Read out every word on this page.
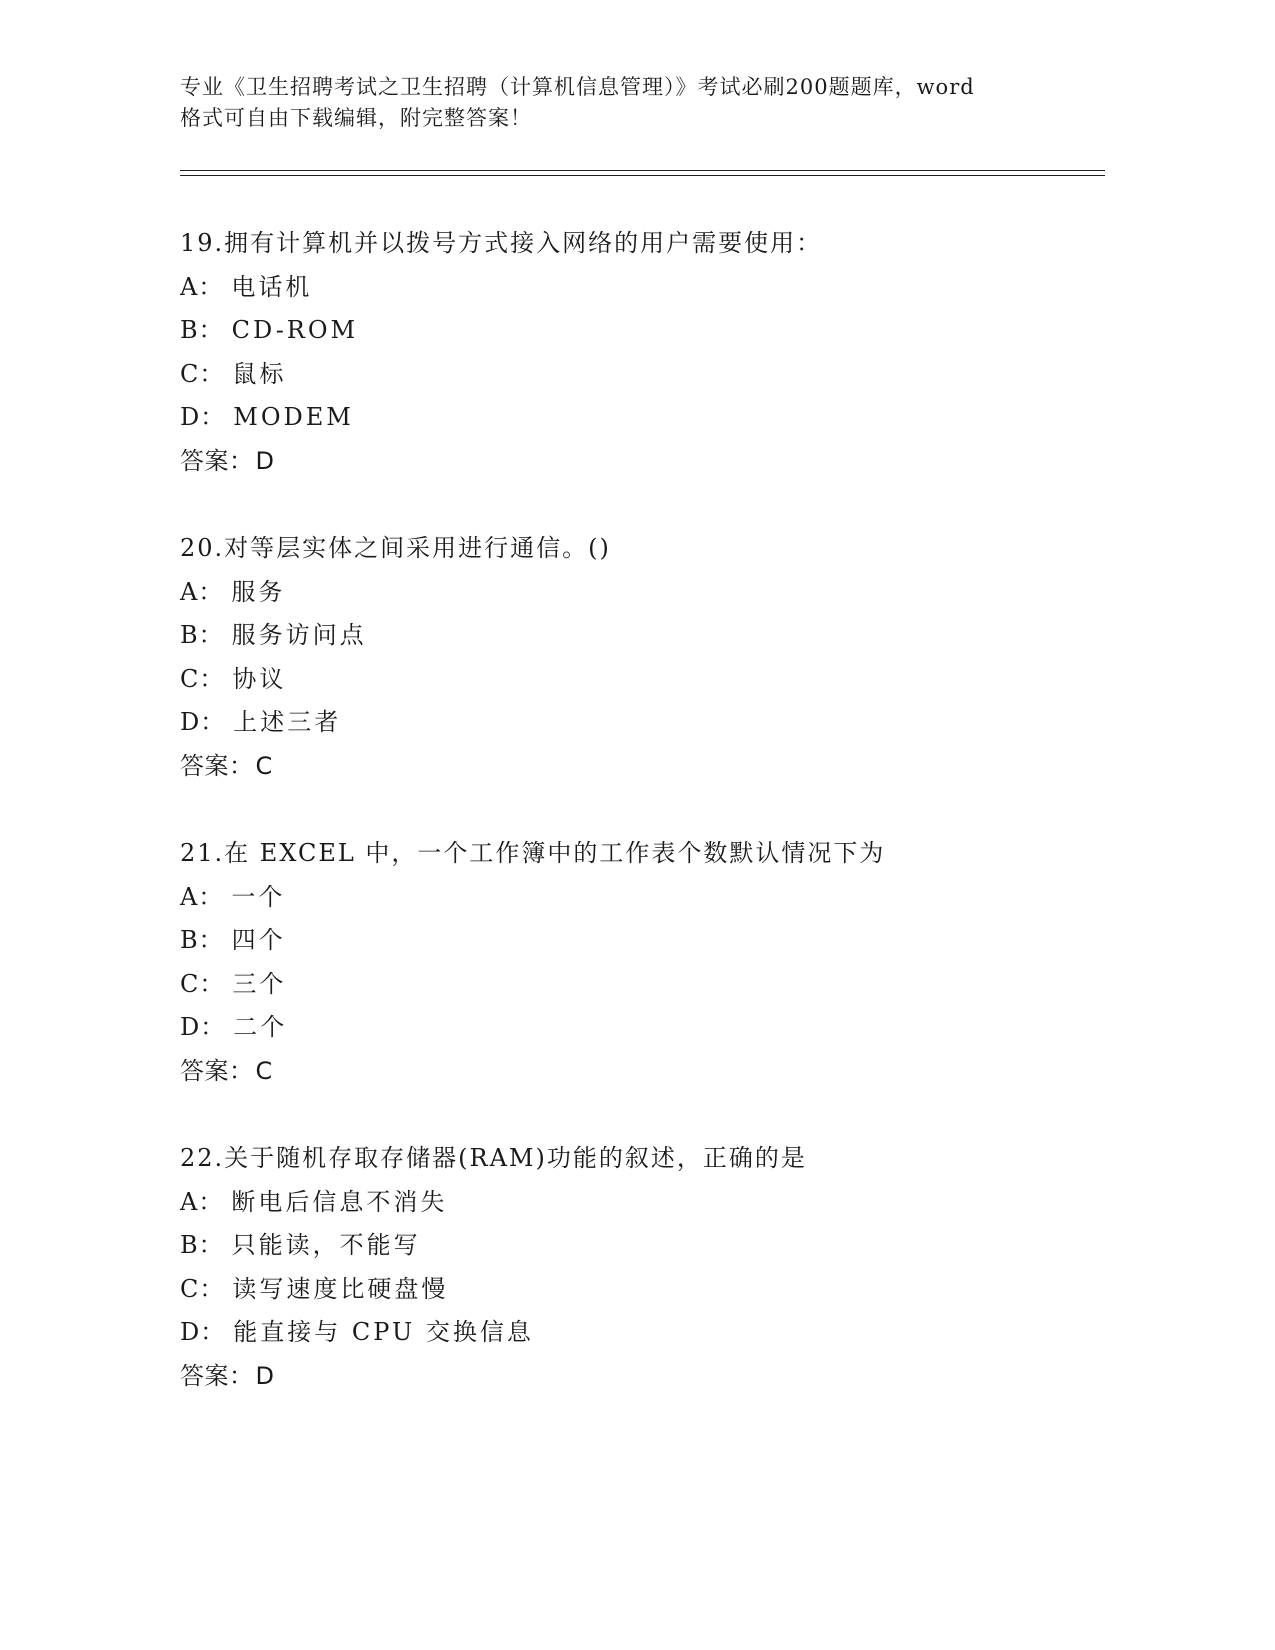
专业《卫生招聘考试之卫生招聘（计算机信息管理）》考试必刷200题题库，word
格式可自由下载编辑，附完整答案！
19.拥有计算机并以拨号方式接入网络的用户需要使用：
A： 电话机
B： CD-ROM
C： 鼠标
D： MODEM
答案：D
20.对等层实体之间采用进行通信。()
A： 服务
B： 服务访问点
C： 协议
D： 上述三者
答案：C
21.在 EXCEL 中，一个工作簿中的工作表个数默认情况下为
A： 一个
B： 四个
C： 三个
D： 二个
答案：C
22.关于随机存取存储器(RAM)功能的叙述，正确的是
A： 断电后信息不消失
B： 只能读，不能写
C： 读写速度比硬盘慢
D： 能直接与 CPU 交换信息
答案：D
